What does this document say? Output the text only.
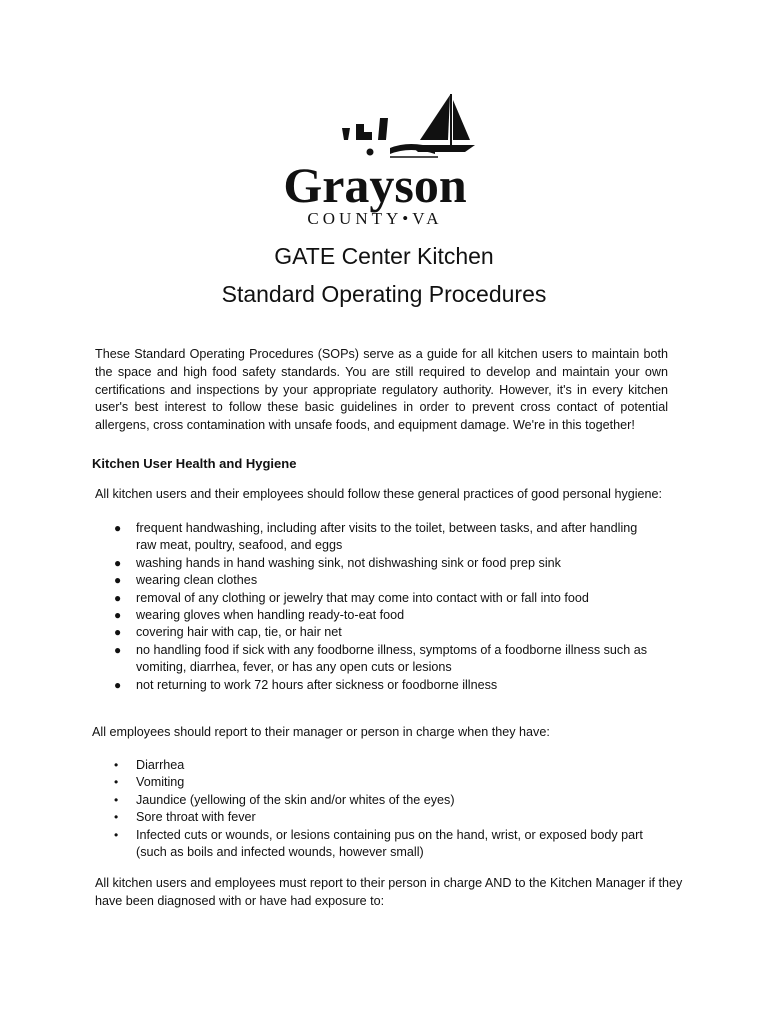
Grayson
COUNTY•VA
GATE Center Kitchen
Standard Operating Procedures
These Standard Operating Procedures (SOPs) serve as a guide for all kitchen users to maintain both the space and high food safety standards. You are still required to develop and maintain your own certifications and inspections by your appropriate regulatory authority. However, it's in every kitchen user's best interest to follow these basic guidelines in order to prevent cross contact of potential allergens, cross contamination with unsafe foods, and equipment damage. We're in this together!
Kitchen User Health and Hygiene
All kitchen users and their employees should follow these general practices of good personal hygiene:
● frequent handwashing, including after visits to the toilet, between tasks, and after handling raw meat, poultry, seafood, and eggs
● washing hands in hand washing sink, not dishwashing sink or food prep sink
● wearing clean clothes
● removal of any clothing or jewelry that may come into contact with or fall into food
● wearing gloves when handling ready-to-eat food
● covering hair with cap, tie, or hair net
● no handling food if sick with any foodborne illness, symptoms of a foodborne illness such as vomiting, diarrhea, fever, or has any open cuts or lesions
● not returning to work 72 hours after sickness or foodborne illness
All employees should report to their manager or person in charge when they have:
• Diarrhea
• Vomiting
• Jaundice (yellowing of the skin and/or whites of the eyes)
• Sore throat with fever
• Infected cuts or wounds, or lesions containing pus on the hand, wrist, or exposed body part (such as boils and infected wounds, however small)
All kitchen users and employees must report to their person in charge AND to the Kitchen Manager if they have been diagnosed with or have had exposure to:
